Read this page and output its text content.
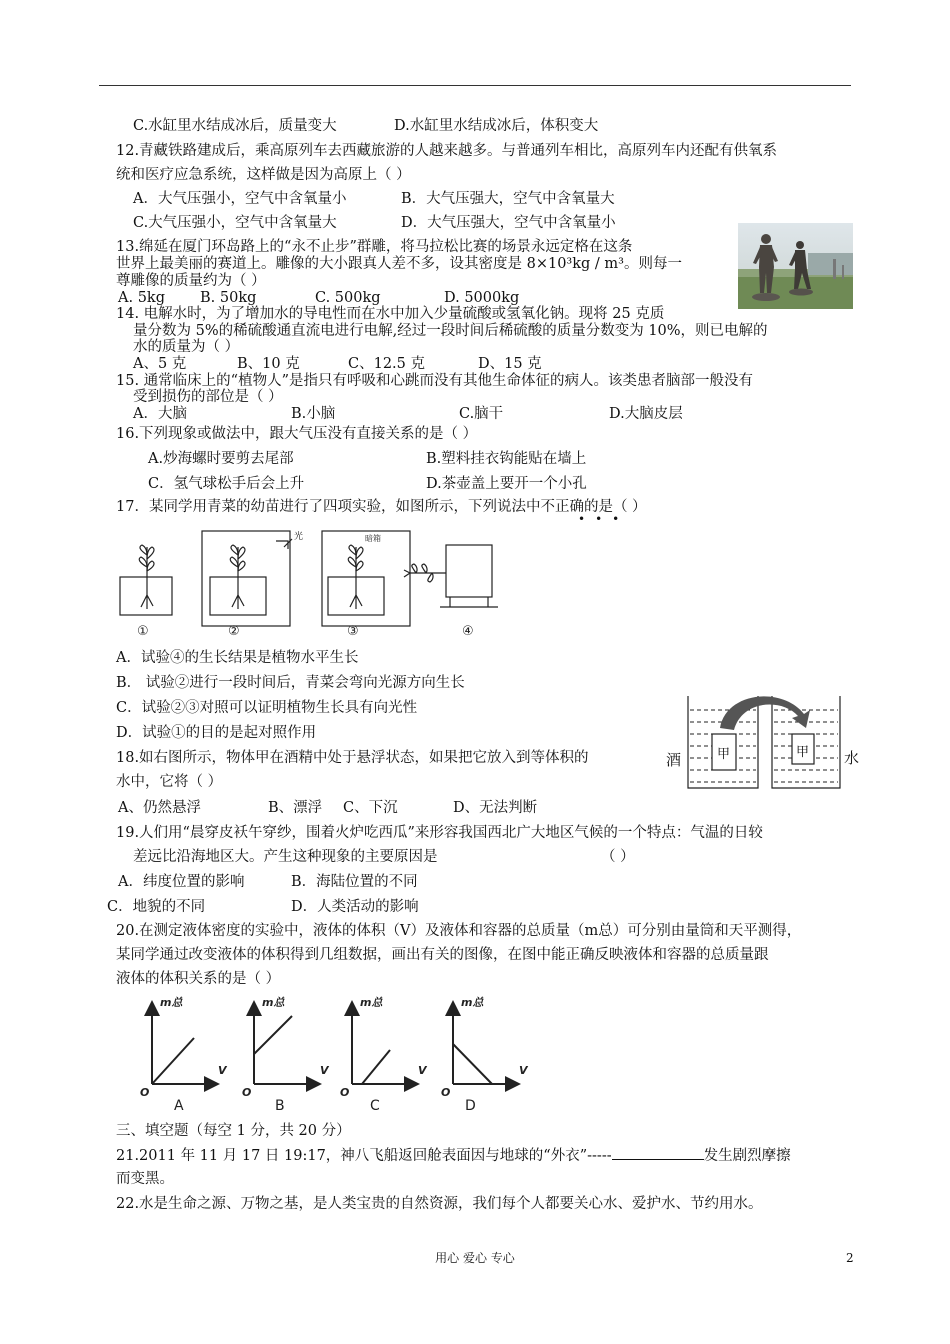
C.水缸里水结成冰后，质量变大	D.水缸里水结成冰后，体积变大
12.青藏铁路建成后，乘高原列车去西藏旅游的人越来越多。与普通列车相比，高原列车内还配有供氧系
统和医疗应急系统，这样做是因为高原上（ ）
A．大气压强小，空气中含氧量小	B．大气压强大，空气中含氧量大
C.大气压强小，空气中含氧量大	D．大气压强大，空气中含氧量小
13.绵延在厦门环岛路上的“永不止步”群雕，将马拉松比赛的场景永远定格在这条
世界上最美丽的赛道上。雕像的大小跟真人差不多，设其密度是 8×10³kg / m³。则每一
尊雕像的质量约为（ ）
A. 5kg B. 50kg	C. 500kg	D. 5000kg
14. 电解水时，为了增加水的导电性而在水中加入少量硫酸或氢氧化钠。现将 25 克质
量分数为 5%的稀硫酸通直流电进行电解,经过一段时间后稀硫酸的质量分数变为 10%，则已电解的
水的质量为（ ）
A、5 克	B、10 克	C、12.5 克	D、15 克
15. 通常临床上的“植物人”是指只有呼吸和心跳而没有其他生命体征的病人。该类患者脑部一般没有
受到损伤的部位是（ ）
A．大脑	B.小脑	C.脑干	D.大脑皮层
16.下列现象或做法中，跟大气压没有直接关系的是（ ）
A.炒海螺时要剪去尾部	B.塑料挂衣钩能贴在墙上
C．氢气球松手后会上升	D.茶壶盖上要开一个小孔
17．某同学用青菜的幼苗进行了四项实验，如图所示，下列说法中不正确的是（ ）
•••
光	暗箱
①	②	③	④
A．试验④的生长结果是植物水平生长
B． 试验②进行一段时间后，青菜会弯向光源方向生长
C．试验②③对照可以证明植物生长具有向光性
D．试验①的目的是起对照作用
酒	水
甲	甲
18.如右图所示，物体甲在酒精中处于悬浮状态，如果把它放入到等体积的
水中，它将（ ）
A、仍然悬浮	B、漂浮 C、下沉	D、无法判断
19.人们用“晨穿皮袄午穿纱，围着火炉吃西瓜”来形容我国西北广大地区气候的一个特点：气温的日较
差远比沿海地区大。产生这种现象的主要原因是	（ ）
A．纬度位置的影响	B．海陆位置的不同
C．地貌的不同	D．人类活动的影响
20.在测定液体密度的实验中，液体的体积（V）及液体和容器的总质量（m总）可分别由量筒和天平测得，
某同学通过改变液体的体积得到几组数据，画出有关的图像，在图中能正确反映液体和容器的总质量跟
液体的体积关系的是（ ）
m总
V
O
m总
V
O
m总
V
O
m总
V
O
A	B	C	D
三、填空题（每空 1 分，共 20 分）
21.2011 年 11 月 17 日 19:17，神八飞船返回舱表面因与地球的“外衣”-----	发生剧烈摩擦
而变黑。
22.水是生命之源、万物之基，是人类宝贵的自然资源，我们每个人都要关心水、爱护水、节约用水。
用心 爱心 专心	2
